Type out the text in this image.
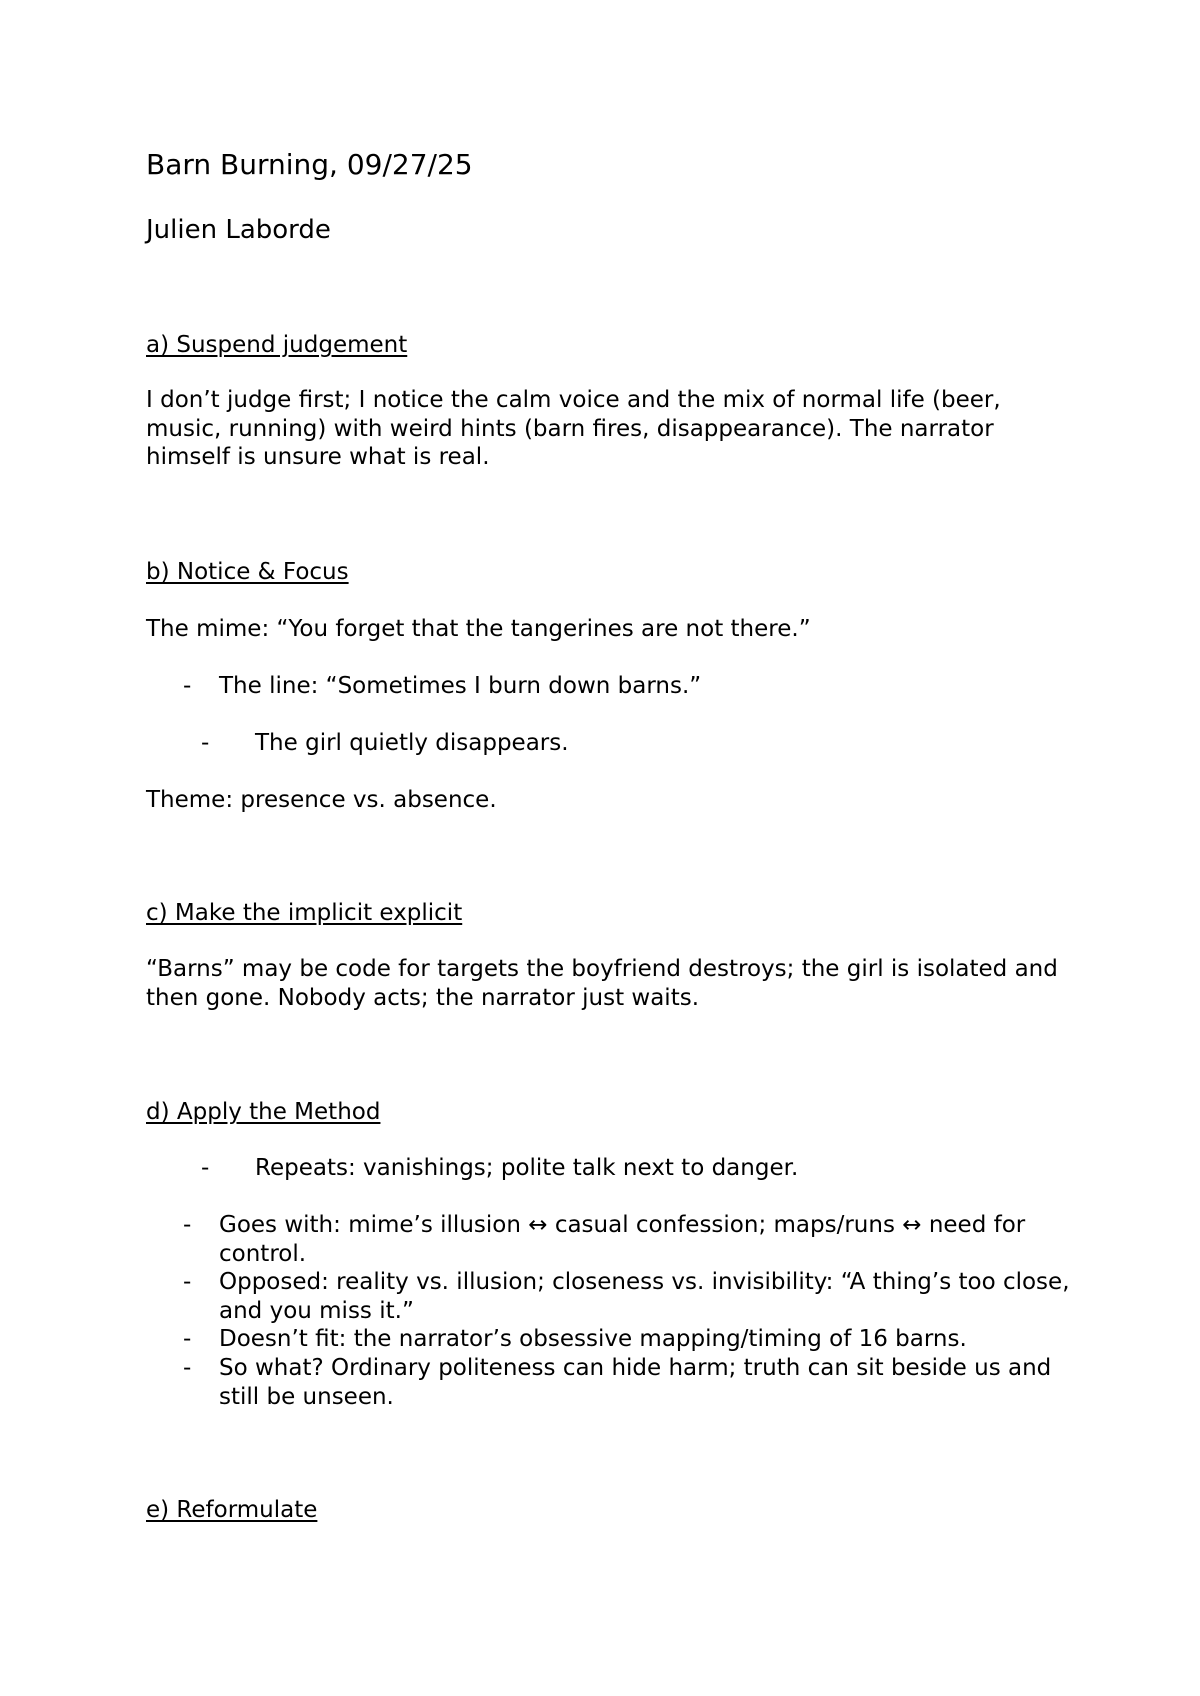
Barn Burning, 09/27/25
Julien Laborde
a) Suspend judgement
I don’t judge first; I notice the calm voice and the mix of normal life (beer, music, running) with weird hints (barn fires, disappearance). The narrator himself is unsure what is real.
b) Notice & Focus
The mime: “You forget that the tangerines are not there.”
- The line: “Sometimes I burn down barns.”
- The girl quietly disappears.
Theme: presence vs. absence.
c) Make the implicit explicit
“Barns” may be code for targets the boyfriend destroys; the girl is isolated and then gone. Nobody acts; the narrator just waits.
d) Apply the Method
- Repeats: vanishings; polite talk next to danger.
- Goes with: mime’s illusion ↔ casual confession; maps/runs ↔ need for control.
- Opposed: reality vs. illusion; closeness vs. invisibility: “A thing’s too close, and you miss it.”
- Doesn’t fit: the narrator’s obsessive mapping/timing of 16 barns.
- So what? Ordinary politeness can hide harm; truth can sit beside us and still be unseen.
e) Reformulate
